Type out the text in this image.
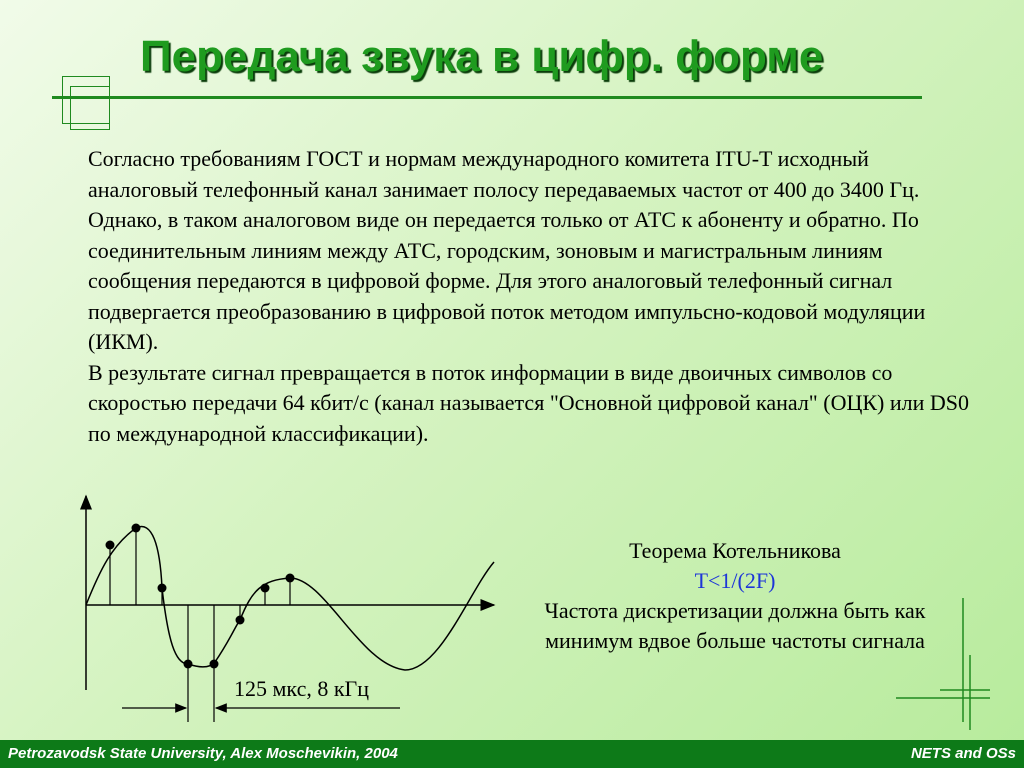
Передача звука в цифр. форме

Согласно требованиям ГОСТ и нормам международного комитета ITU-T исходный аналоговый телефонный канал занимает полосу передаваемых частот от 400 до 3400 Гц. Однако, в таком аналоговом виде он передается только от АТС к абоненту и обратно. По соединительным линиям между АТС, городским, зоновым и магистральным линиям сообщения передаются в цифровой форме. Для этого аналоговый телефонный сигнал подвергается преобразованию в цифровой поток методом импульсно-кодовой модуляции (ИКМ).

В результате сигнал превращается в поток информации в виде двоичных символов со скоростью передачи 64 кбит/с (канал называется "Основной цифровой канал" (ОЦК) или DS0 по международной классификации).

125 мкс, 8 кГц
Теорема Котельникова
T<1/(2F)
Частота дискретизации должна быть как минимум вдвое больше частоты сигнала
Petrozavodsk State University, Alex Moschevikin, 2004	NETS and OSs
